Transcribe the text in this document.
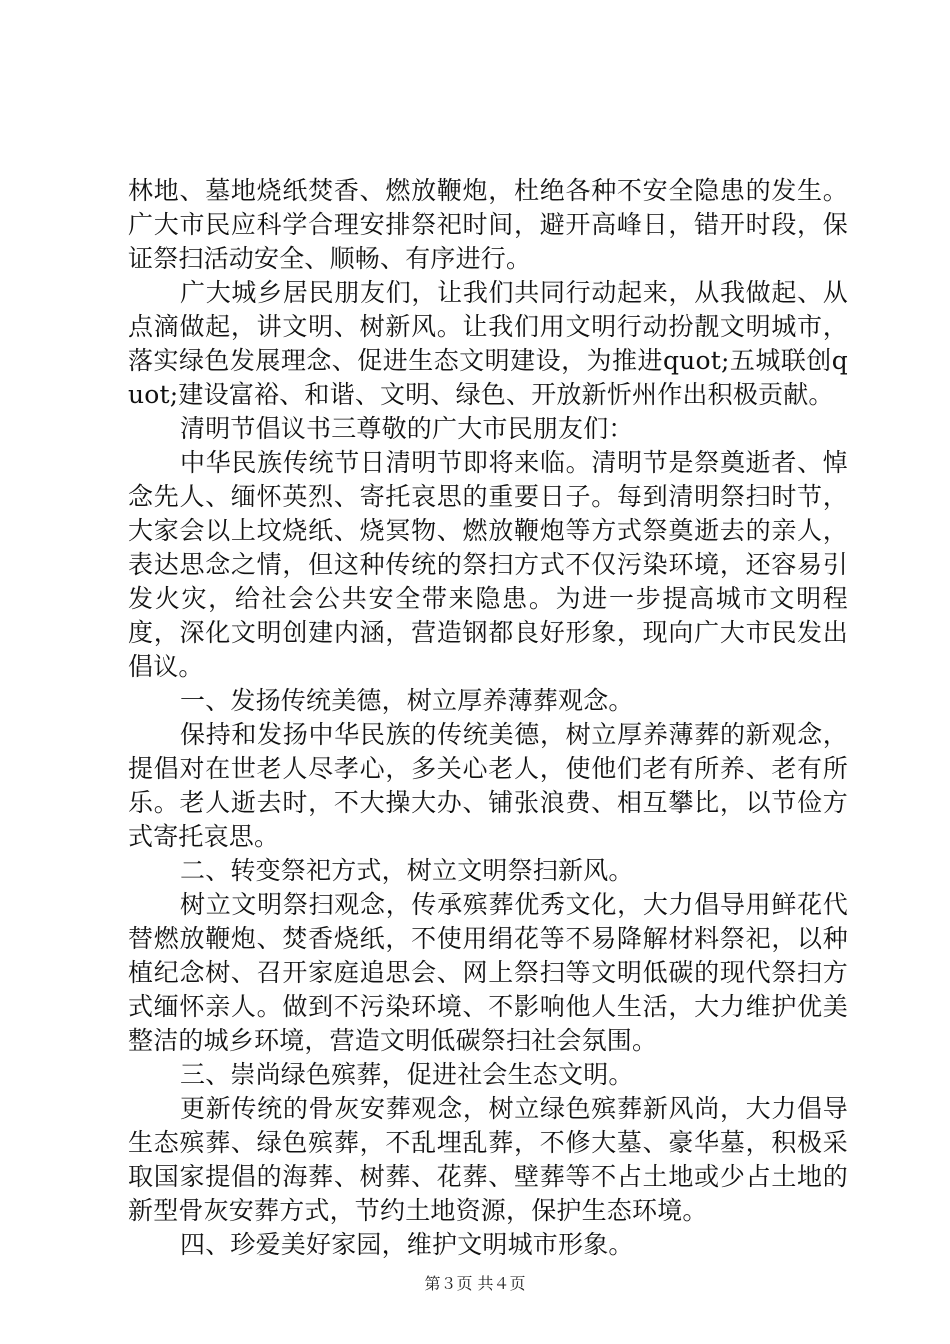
林地、墓地烧纸焚香、燃放鞭炮，杜绝各种不安全隐患的发生。广大市民应科学合理安排祭祀时间，避开高峰日，错开时段，保证祭扫活动安全、顺畅、有序进行。

广大城乡居民朋友们，让我们共同行动起来，从我做起、从点滴做起，讲文明、树新风。让我们用文明行动扮靓文明城市，落实绿色发展理念、促进生态文明建设，为推进quot;五城联创quot;建设富裕、和谐、文明、绿色、开放新忻州作出积极贡献。

清明节倡议书三尊敬的广大市民朋友们：

中华民族传统节日清明节即将来临。清明节是祭奠逝者、悼念先人、缅怀英烈、寄托哀思的重要日子。每到清明祭扫时节，大家会以上坟烧纸、烧冥物、燃放鞭炮等方式祭奠逝去的亲人，表达思念之情，但这种传统的祭扫方式不仅污染环境，还容易引发火灾，给社会公共安全带来隐患。为进一步提高城市文明程度，深化文明创建内涵，营造钢都良好形象，现向广大市民发出倡议。

一、发扬传统美德，树立厚养薄葬观念。

保持和发扬中华民族的传统美德，树立厚养薄葬的新观念，提倡对在世老人尽孝心，多关心老人，使他们老有所养、老有所乐。老人逝去时，不大操大办、铺张浪费、相互攀比，以节俭方式寄托哀思。

二、转变祭祀方式，树立文明祭扫新风。

树立文明祭扫观念，传承殡葬优秀文化，大力倡导用鲜花代替燃放鞭炮、焚香烧纸，不使用绢花等不易降解材料祭祀，以种植纪念树、召开家庭追思会、网上祭扫等文明低碳的现代祭扫方式缅怀亲人。做到不污染环境、不影响他人生活，大力维护优美整洁的城乡环境，营造文明低碳祭扫社会氛围。

三、崇尚绿色殡葬，促进社会生态文明。

更新传统的骨灰安葬观念，树立绿色殡葬新风尚，大力倡导生态殡葬、绿色殡葬，不乱埋乱葬，不修大墓、豪华墓，积极采取国家提倡的海葬、树葬、花葬、壁葬等不占土地或少占土地的新型骨灰安葬方式，节约土地资源，保护生态环境。

四、珍爱美好家园，维护文明城市形象。

第３页 共４页
